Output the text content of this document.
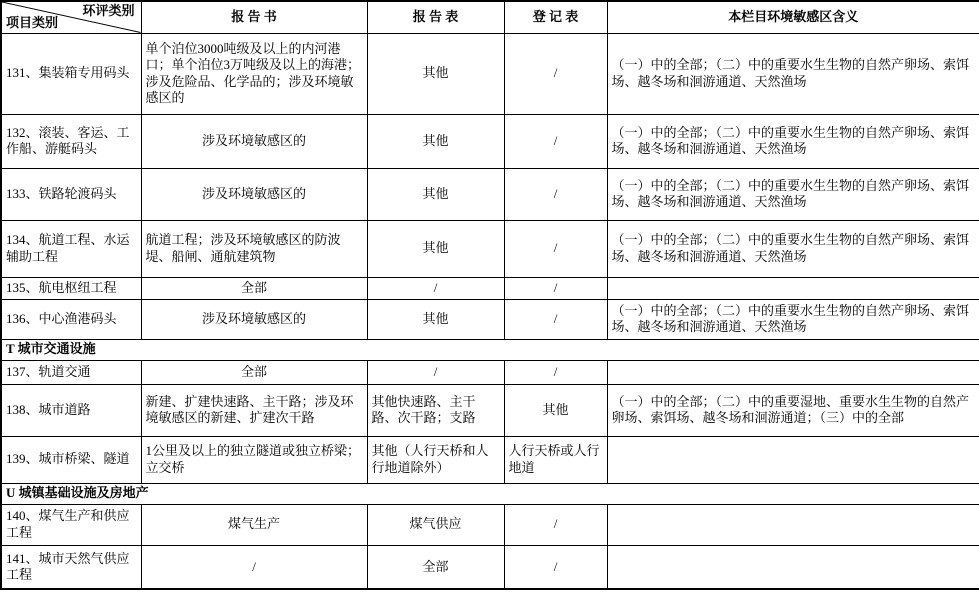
环评类别
项目类别	报 告 书	报 告 表	登 记 表	本栏目环境敏感区含义
131、集装箱专用码头	单个泊位3000吨级及以上的内河港口；单个泊位3万吨级及以上的海港；涉及危险品、化学品的；涉及环境敏感区的	其他	/	（一）中的全部；（二）中的重要水生生物的自然产卵场、索饵场、越冬场和洄游通道、天然渔场
132、滚装、客运、工作船、游艇码头	涉及环境敏感区的	其他	/	（一）中的全部；（二）中的重要水生生物的自然产卵场、索饵场、越冬场和洄游通道、天然渔场
133、铁路轮渡码头	涉及环境敏感区的	其他	/	（一）中的全部；（二）中的重要水生生物的自然产卵场、索饵场、越冬场和洄游通道、天然渔场
134、航道工程、水运辅助工程	航道工程；涉及环境敏感区的防波堤、船闸、通航建筑物	其他	/	（一）中的全部；（二）中的重要水生生物的自然产卵场、索饵场、越冬场和洄游通道、天然渔场
135、航电枢纽工程	全部	/	/	
136、中心渔港码头	涉及环境敏感区的	其他	/	（一）中的全部；（二）中的重要水生生物的自然产卵场、索饵场、越冬场和洄游通道、天然渔场
T 城市交通设施				
137、轨道交通	全部	/	/	
138、城市道路	新建、扩建快速路、主干路；涉及环境敏感区的新建、扩建次干路	其他快速路、主干路、次干路；支路	其他	（一）中的全部；（二）中的重要湿地、重要水生生物的自然产卵场、索饵场、越冬场和洄游通道；（三）中的全部
139、城市桥梁、隧道	1公里及以上的独立隧道或独立桥梁；立交桥	其他（人行天桥和人行地道除外）	人行天桥或人行地道	
U 城镇基础设施及房地产				
140、煤气生产和供应工程	煤气生产	煤气供应	/	
141、城市天然气供应工程	/	全部	/	
